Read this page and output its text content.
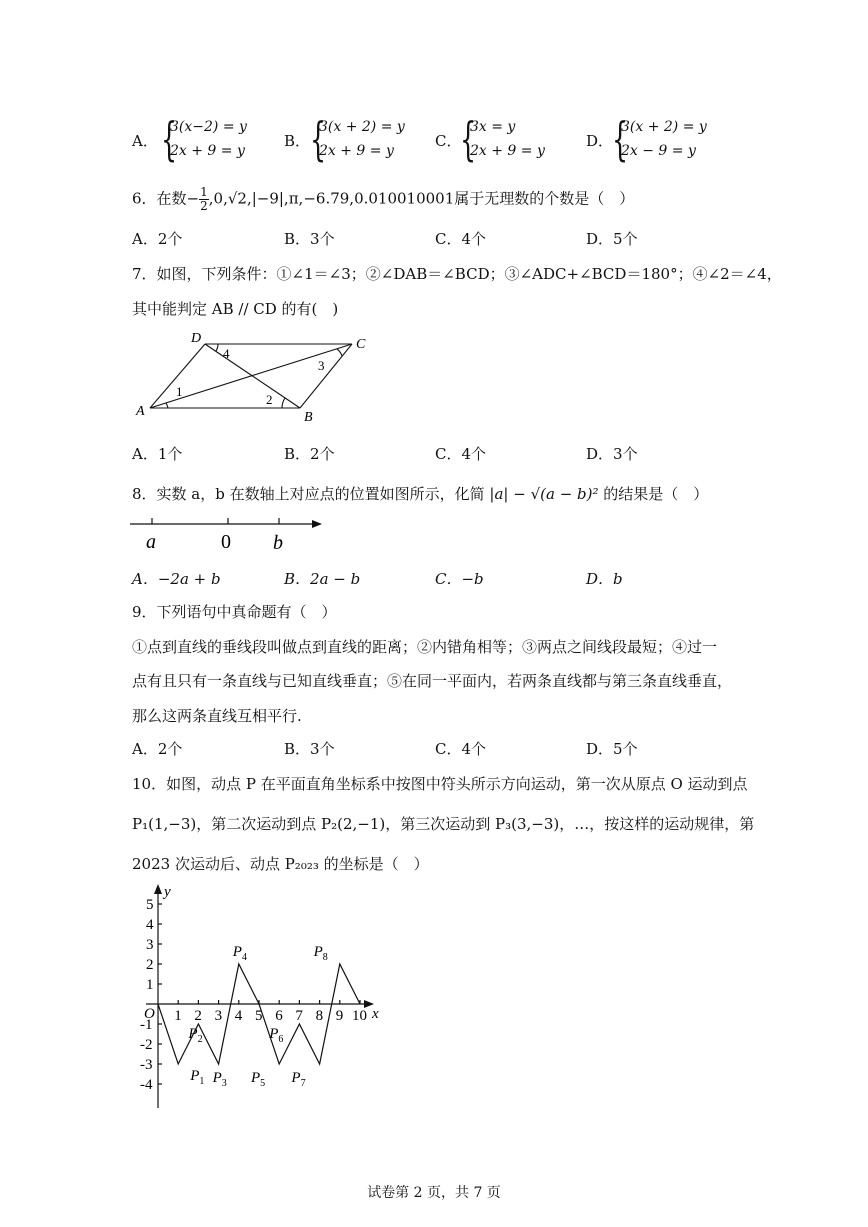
A． {
3(x−2) = y
2x + 9 = y
B． {
3(x + 2) = y
2x + 9 = y
C．
{
3x = y
2x + 9 = y
D．
{
3(x + 2) = y
2x − 9 = y
6．在数− $\frac{1}{2} ,0,√2,|-9|,\pi,-6.79,0.010010001$属于无理数的个数是（　）
A．2个	B．3个	C．4个	D．5个
7．如图，下列条件：①∠1＝∠3；②∠DAB＝∠BCD；③∠ADC+∠BCD＝180°；④∠2＝∠4，
其中能判定 AB // CD 的有(　)
A	B
C
D
1
2
3
4
A．1个	B．2个	C．4个	D．3个
8．实数 a，b 在数轴上对应点的位置如图所示，化简 |a| − √(a − b)² 的结果是（　）
a	0 b
A．−2a + b	B．2a − b	C．−b	D．b
9．下列语句中真命题有（　）
①点到直线的垂线段叫做点到直线的距离；②内错角相等；③两点之间线段最短；④过一
点有且只有一条直线与已知直线垂直；⑤在同一平面内，若两条直线都与第三条直线垂直，
那么这两条直线互相平行.
A．2个	B．3个	C．4个	D．5个
10．如图，动点 P 在平面直角坐标系中按图中符头所示方向运动，第一次从原点 O 运动到点
P₁(1,−3)，第二次运动到点 P₂(2,−1)，第三次运动到 P₃(3,−3)，…，按这样的运动规律，第
2023 次运动后、动点 P₂₀₂₃ 的坐标是（　）
y
x
O 1 2 3 4 5 6 7 8 9 10
5
4
3
2
1
-1
-2
-3
-4
$P_1$
$P_2$
$P_3$
$P_4$
$P_5$
$P_6$
$P_7$
$P_8$
试卷第 2 页，共 7 页
